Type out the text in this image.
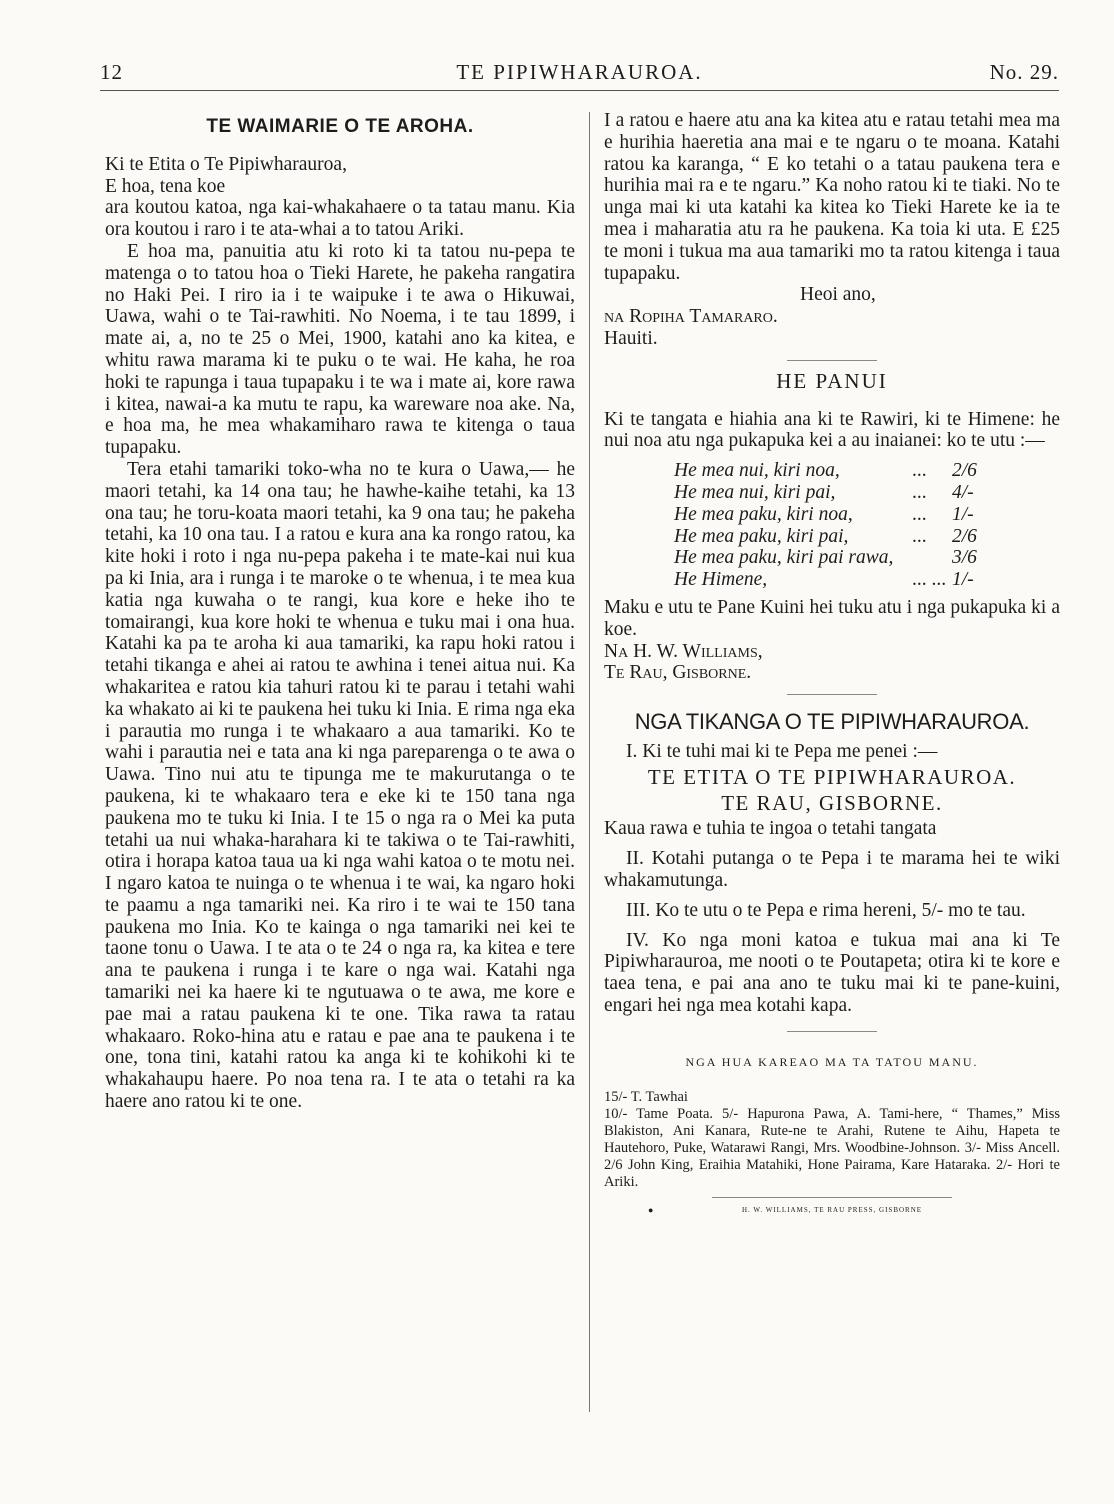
12	TE PIPIWHARAUROA.	No. 29.
TE WAIMARIE O TE AROHA.

Ki te Etita o Te Pipiwharauroa,

E hoa, tena koe

ara koutou katoa, nga kai-whakahaere o ta tatau manu. Kia ora koutou i raro i te ata-whai a to tatou Ariki.

E hoa ma, panuitia atu ki roto ki ta tatou nu-pepa te matenga o to tatou hoa o Tieki Harete, he pakeha rangatira no Haki Pei. I riro ia i te waipuke i te awa o Hikuwai, Uawa, wahi o te Tai-rawhiti. No Noema, i te tau 1899, i mate ai, a, no te 25 o Mei, 1900, katahi ano ka kitea, e whitu rawa marama ki te puku o te wai. He kaha, he roa hoki te rapunga i taua tupapaku i te wa i mate ai, kore rawa i kitea, nawai-a ka mutu te rapu, ka wareware noa ake. Na, e hoa ma, he mea whakamiharo rawa te kitenga o taua tupapaku.

Tera etahi tamariki toko-wha no te kura o Uawa,— he maori tetahi, ka 14 ona tau; he hawhe-kaihe tetahi, ka 13 ona tau; he toru-koata maori tetahi, ka 9 ona tau; he pakeha tetahi, ka 10 ona tau. I a ratou e kura ana ka rongo ratou, ka kite hoki i roto i nga nu-pepa pakeha i te mate-kai nui kua pa ki Inia, ara i runga i te maroke o te whenua, i te mea kua katia nga kuwaha o te rangi, kua kore e heke iho te tomairangi, kua kore hoki te whenua e tuku mai i ona hua. Katahi ka pa te aroha ki aua tamariki, ka rapu hoki ratou i tetahi tikanga e ahei ai ratou te awhina i tenei aitua nui. Ka whakaritea e ratou kia tahuri ratou ki te parau i tetahi wahi ka whakato ai ki te paukena hei tuku ki Inia. E rima nga eka i parautia mo runga i te whakaaro a aua tamariki. Ko te wahi i parautia nei e tata ana ki nga pareparenga o te awa o Uawa. Tino nui atu te tipunga me te makurutanga o te paukena, ki te whakaaro tera e eke ki te 150 tana nga paukena mo te tuku ki Inia. I te 15 o nga ra o Mei ka puta tetahi ua nui whaka-harahara ki te takiwa o te Tai-rawhiti, otira i horapa katoa taua ua ki nga wahi katoa o te motu nei. I ngaro katoa te nuinga o te whenua i te wai, ka ngaro hoki te paamu a nga tamariki nei. Ka riro i te wai te 150 tana paukena mo Inia. Ko te kainga o nga tamariki nei kei te taone tonu o Uawa. I te ata o te 24 o nga ra, ka kitea e tere ana te paukena i runga i te kare o nga wai. Katahi nga tamariki nei ka haere ki te ngutuawa o te awa, me kore e pae mai a ratau paukena ki te one. Tika rawa ta ratau whakaaro. Roko-hina atu e ratau e pae ana te paukena i te one, tona tini, katahi ratou ka anga ki te kohikohi ki te whakahaupu haere. Po noa tena ra. I te ata o tetahi ra ka haere ano ratou ki te one.

I a ratou e haere atu ana ka kitea atu e ratau tetahi mea ma e hurihia haeretia ana mai e te ngaru o te moana. Katahi ratou ka karanga, “ E ko tetahi o a tatau paukena tera e hurihia mai ra e te ngaru.” Ka noho ratou ki te tiaki. No te unga mai ki uta katahi ka kitea ko Tieki Harete ke ia te mea i maharatia atu ra he paukena. Ka toia ki uta. E £25 te moni i tukua ma aua tamariki mo ta ratou kitenga i taua tupapaku.

Heoi ano,

na Ropiha Tamararo.

Hauiti.

HE PANUI

Ki te tangata e hiahia ana ki te Rawiri, ki te Himene: he nui noa atu nga pukapuka kei a au inaianei: ko te utu :—

He mea nui, kiri noa,	...	2/6
He mea nui, kiri pai,	...	4/-
He mea paku, kiri noa,	...	1/-
He mea paku, kiri pai,	...	2/6
He mea paku, kiri pai rawa,	3/6
He Himene,	... ... 1/-

Maku e utu te Pane Kuini hei tuku atu i nga pukapuka ki a koe.

Na H. W. Williams,

Te Rau, Gisborne.

NGA TIKANGA O TE PIPIWHARAUROA.

I. Ki te tuhi mai ki te Pepa me penei :—

TE ETITA O TE PIPIWHARAUROA.
TE RAU, GISBORNE.

Kaua rawa e tuhia te ingoa o tetahi tangata

II. Kotahi putanga o te Pepa i te marama hei te wiki whakamutunga.

III. Ko te utu o te Pepa e rima hereni, 5/- mo te tau.

IV. Ko nga moni katoa e tukua mai ana ki Te Pipiwharauroa, me nooti o te Poutapeta; otira ki te kore e taea tena, e pai ana ano te tuku mai ki te pane-kuini, engari hei nga mea kotahi kapa.

NGA HUA KAREAO MA TA TATOU MANU.

15/- T. Tawhai

10/- Tame Poata. 5/- Hapurona Pawa, A. Tami-here, “ Thames,” Miss Blakiston, Ani Kanara, Rute-ne te Arahi, Rutene te Aihu, Hapeta te Hautehoro, Puke, Watarawi Rangi, Mrs. Woodbine-Johnson. 3/- Miss Ancell. 2/6 John King, Eraihia Matahiki, Hone Pairama, Kare Hataraka. 2/- Hori te Ariki.

●	H. W. WILLIAMS, TE RAU PRESS, GISBORNE
